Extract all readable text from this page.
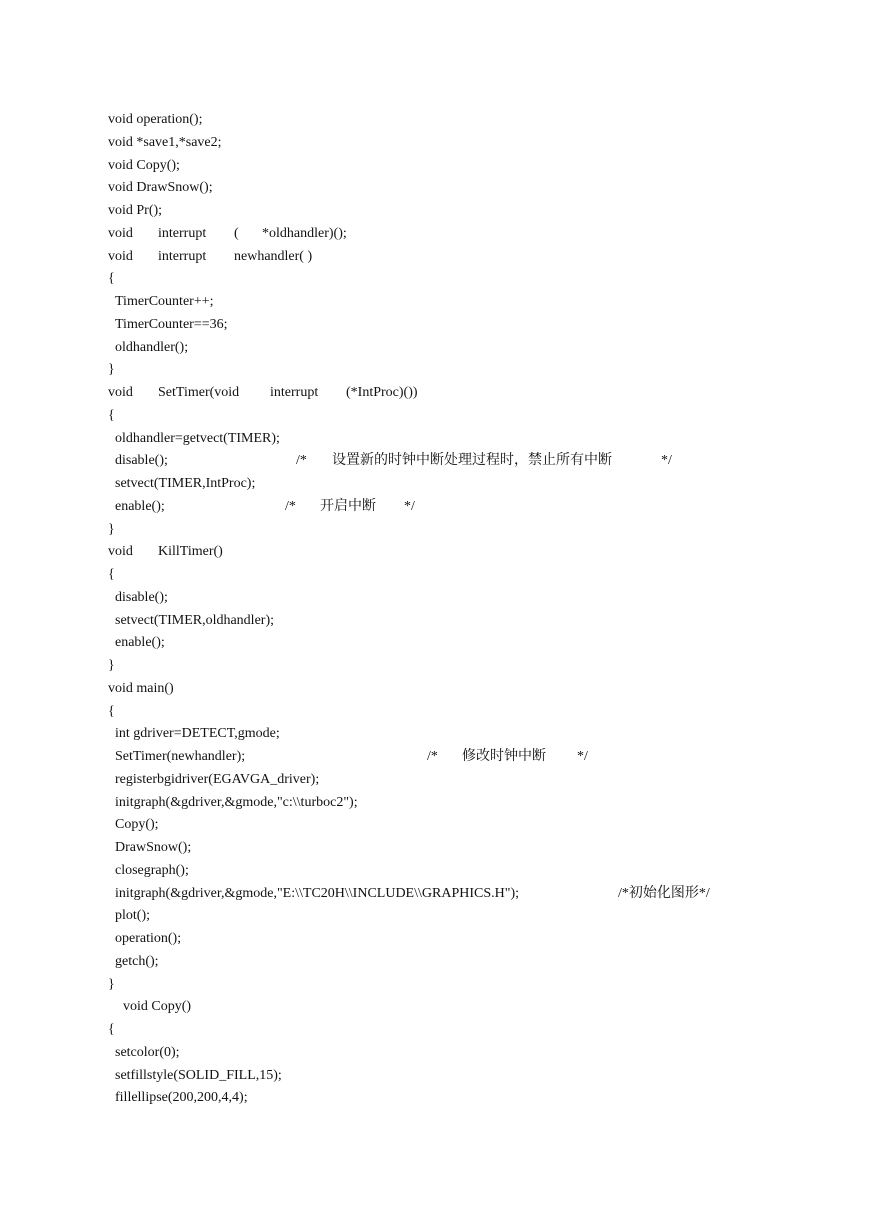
void operation();
void *save1,*save2;
void Copy();
void DrawSnow();
void Pr();
void interrupt ( *oldhandler)();
void interrupt newhandler( )
{
TimerCounter++;
TimerCounter==36;
oldhandler();
}
void SetTimer(void interrupt (*IntProc)())
{
oldhandler=getvect(TIMER);
disable();	/* 设置新的时钟中断处理过程时，禁止所有中断	*/
setvect(TIMER,IntProc);
enable();	/* 开启中断 */
}
void KillTimer()
{
disable();
setvect(TIMER,oldhandler);
enable();
}
void main()
{
int gdriver=DETECT,gmode;
SetTimer(newhandler);	/* 修改时钟中断 */
registerbgidriver(EGAVGA_driver);
initgraph(&gdriver,&gmode,"c:\\turboc2");
Copy();
DrawSnow();
closegraph();
initgraph(&gdriver,&gmode,"E:\\TC20H\\INCLUDE\\GRAPHICS.H");	/*初始化图形*/
plot();
operation();
getch();
}
void Copy()
{
setcolor(0);
setfillstyle(SOLID_FILL,15);
fillellipse(200,200,4,4);
